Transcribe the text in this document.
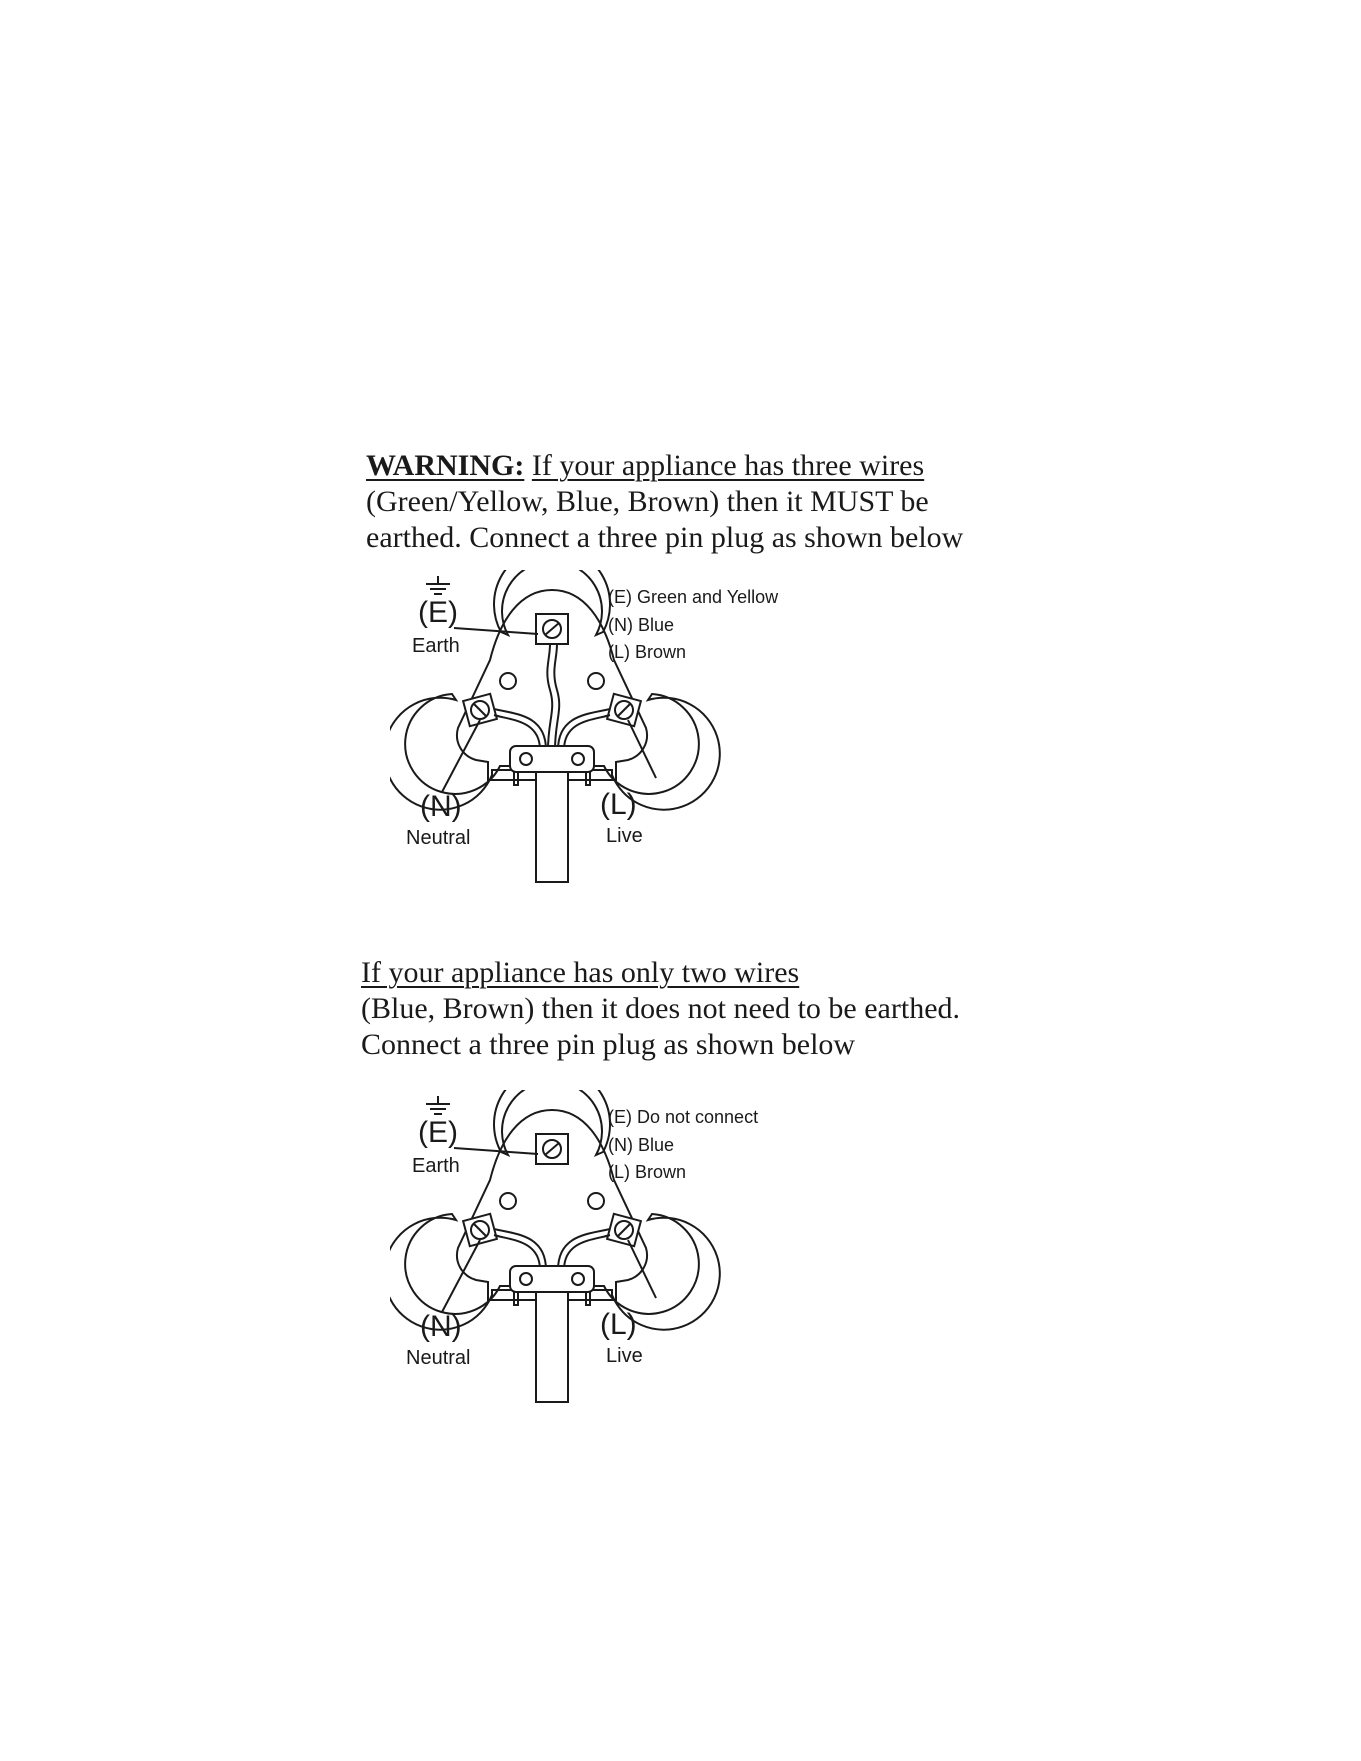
WARNING: If your appliance has three wires
(Green/Yellow, Blue, Brown) then it MUST be
earthed. Connect a three pin plug as shown below
(E)
Earth
(N)
Neutral
(L)
Live
(E) Green and Yellow
(N) Blue
(L) Brown
If your appliance has only two wires
(Blue, Brown) then it does not need to be earthed.
Connect a three pin plug as shown below
(E)
Earth
(N)
Neutral
(L)
Live
(E) Do not connect
(N) Blue
(L) Brown
